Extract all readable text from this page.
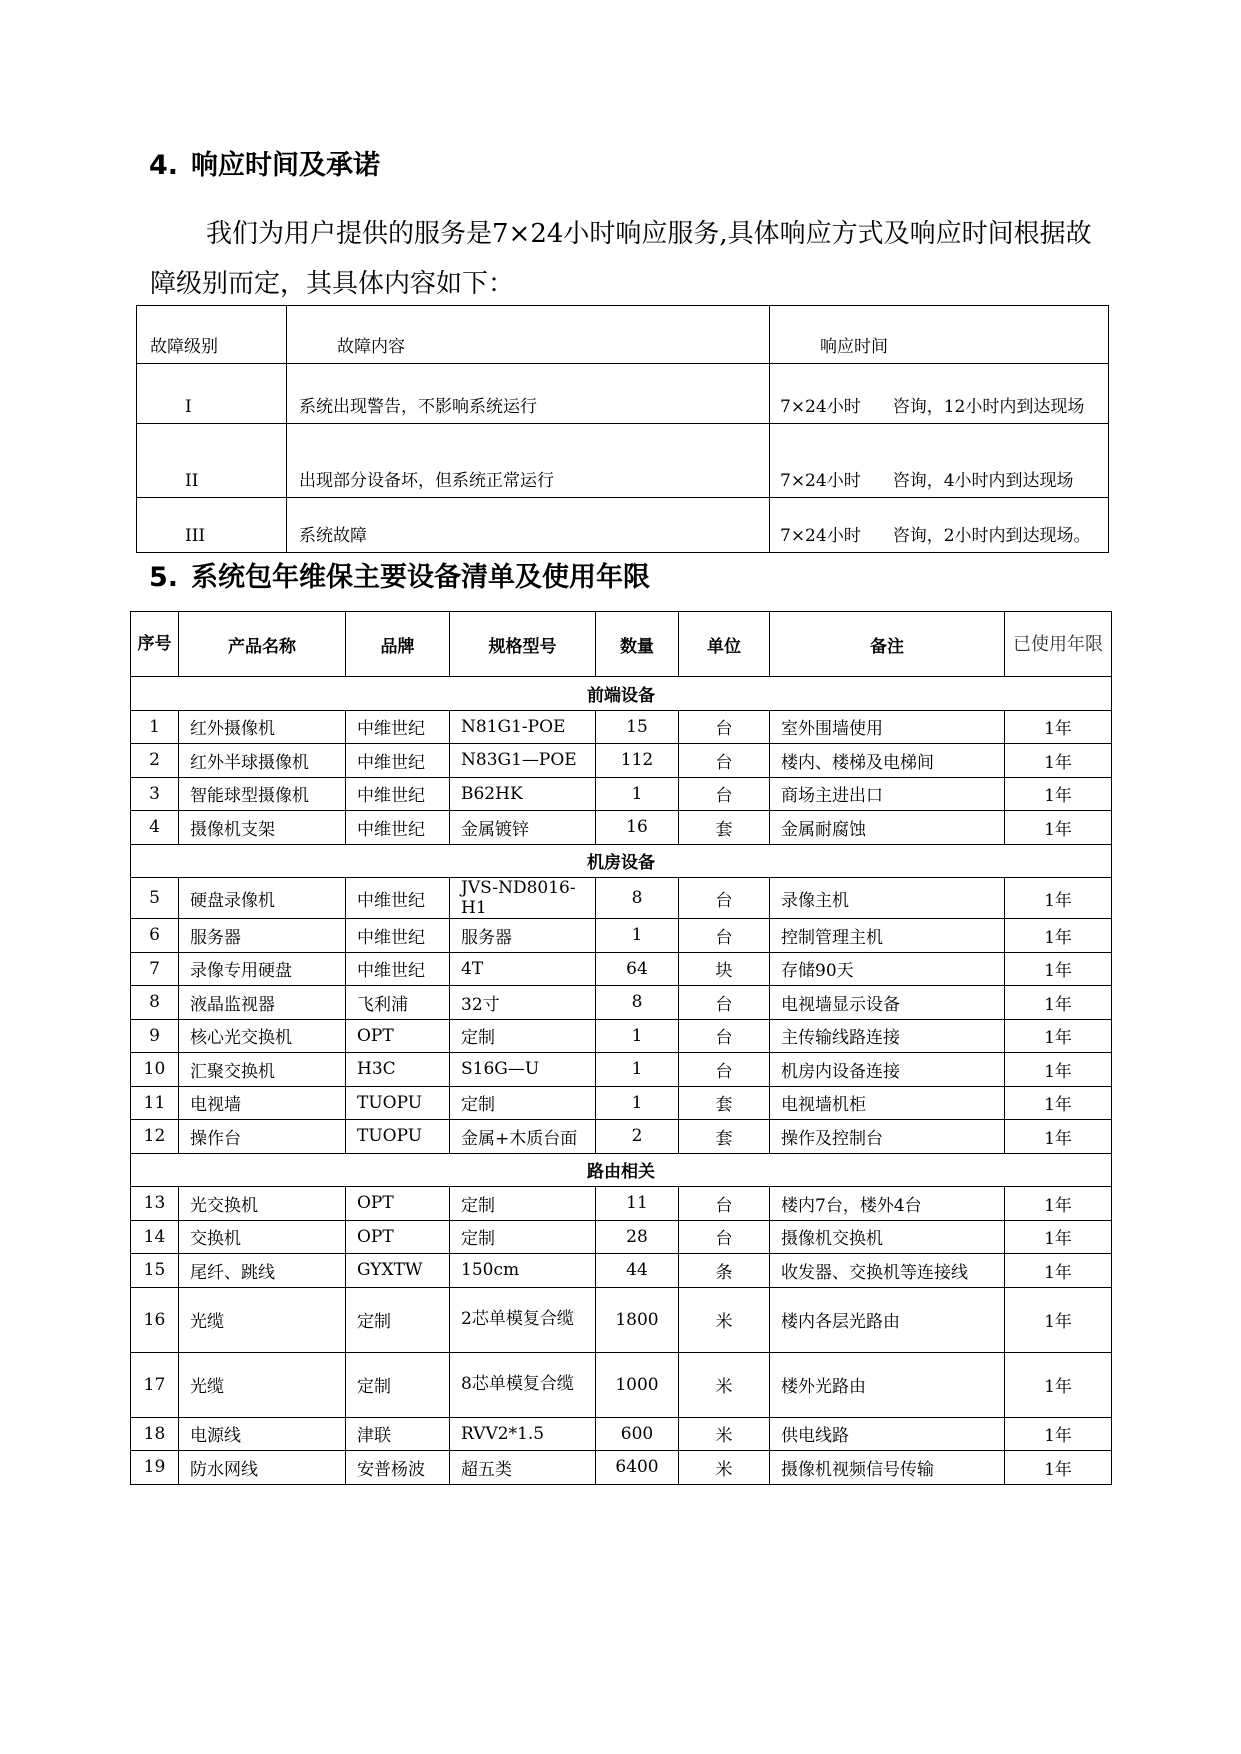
4. 响应时间及承诺

我们为用户提供的服务是7×24小时响应服务,具体响应方式及响应时间根据故障级别而定，其具体内容如下：

故障级别	故障内容	响应时间
I	系统出现警告，不影响系统运行	7×24小时 咨询，12小时内到达现场
II	出现部分设备坏，但系统正常运行	7×24小时 咨询，4小时内到达现场
III	系统故障	7×24小时 咨询，2小时内到达现场。
5. 系统包年维保主要设备清单及使用年限
序号	产品名称	品牌	规格型号	数量	单位	备注	已使用年限
前端设备							
1	红外摄像机	中维世纪	N81G1-POE	15	台	室外围墙使用	1年
2	红外半球摄像机	中维世纪	N83G1—POE	112	台	楼内、楼梯及电梯间	1年
3	智能球型摄像机	中维世纪	B62HK	1	台	商场主进出口	1年
4	摄像机支架	中维世纪	金属镀锌	16	套	金属耐腐蚀	1年
机房设备							
5	硬盘录像机	中维世纪	JVS-ND8016-H1	8	台	录像主机	1年
6	服务器	中维世纪	服务器	1	台	控制管理主机	1年
7	录像专用硬盘	中维世纪	4T	64	块	存储90天	1年
8	液晶监视器	飞利浦	32寸	8	台	电视墙显示设备	1年
9	核心光交换机	OPT	定制	1	台	主传输线路连接	1年
10	汇聚交换机	H3C	S16G—U	1	台	机房内设备连接	1年
11	电视墙	TUOPU	定制	1	套	电视墙机柜	1年
12	操作台	TUOPU	金属+木质台面	2	套	操作及控制台	1年
路由相关							
13	光交换机	OPT	定制	11	台	楼内7台，楼外4台	1年
14	交换机	OPT	定制	28	台	摄像机交换机	1年
15	尾纤、跳线	GYXTW	150cm	44	条	收发器、交换机等连接线	1年
16	光缆	定制	2芯单模复合缆	1800	米	楼内各层光路由	1年
17	光缆	定制	8芯单模复合缆	1000	米	楼外光路由	1年
18	电源线	津联	RVV2*1.5	600	米	供电线路	1年
19	防水网线	安普杨波	超五类	6400	米	摄像机视频信号传输	1年
